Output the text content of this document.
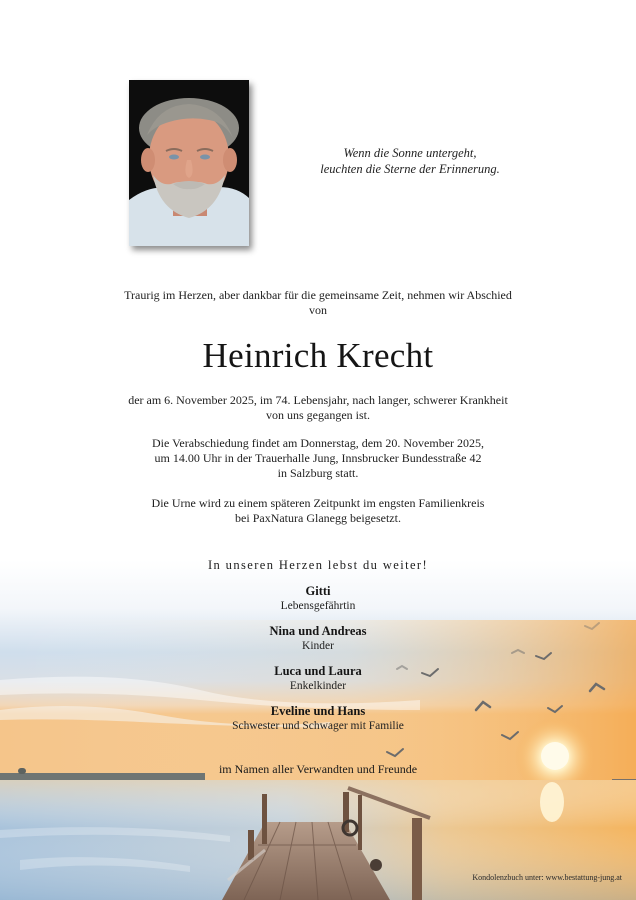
Wenn die Sonne untergeht,
leuchten die Sterne der Erinnerung.
Traurig im Herzen, aber dankbar für die gemeinsame Zeit, nehmen wir Abschied
von
Heinrich Krecht
der am 6. November 2025, im 74. Lebensjahr, nach langer, schwerer Krankheit
von uns gegangen ist.
Die Verabschiedung findet am Donnerstag, dem 20. November 2025,
um 14.00 Uhr in der Trauerhalle Jung, Innsbrucker Bundesstraße 42
in Salzburg statt.
Die Urne wird zu einem späteren Zeitpunkt im engsten Familienkreis
bei PaxNatura Glanegg beigesetzt.
In unseren Herzen lebst du weiter!
Gitti
Lebensgefährtin
Nina und Andreas
Kinder
Luca und Laura
Enkelkinder
Eveline und Hans
Schwester und Schwager mit Familie
im Namen aller Verwandten und Freunde
Kondolenzbuch unter: www.bestattung-jung.at
